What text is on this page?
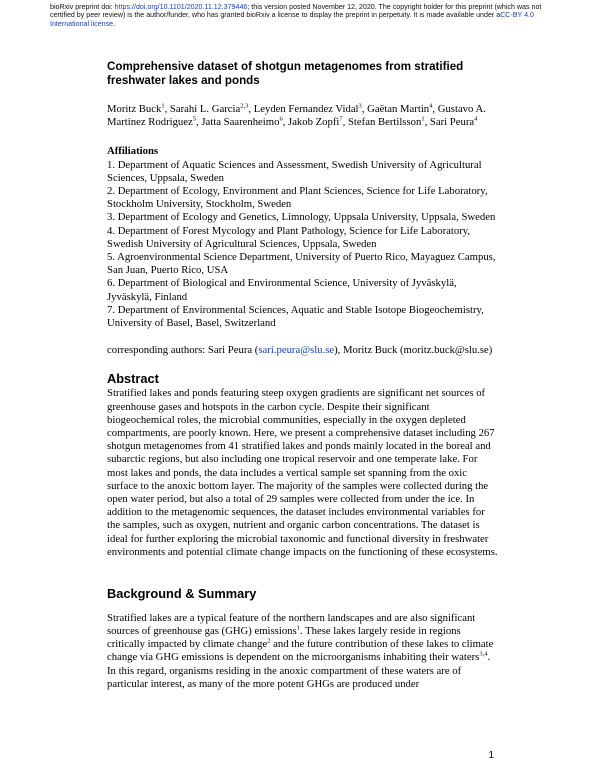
bioRxiv preprint doi: https://doi.org/10.1101/2020.11.12.379446; this version posted November 12, 2020. The copyright holder for this preprint (which was not certified by peer review) is the author/funder, who has granted bioRxiv a license to display the preprint in perpetuity. It is made available under aCC-BY 4.0 International license.
Comprehensive dataset of shotgun metagenomes from stratified freshwater lakes and ponds

Moritz Buck$^1$, Sarahi L. Garcia$^{2,3}$, Leyden Fernandez Vidal$^3$, Gaëtan Martin$^4$, Gustavo A. Martinez Rodriguez$^5$, Jatta Saarenheimo$^6$, Jakob Zopfi$^7$, Stefan Bertilsson$^1$, Sari Peura$^4$

Affiliations

1. Department of Aquatic Sciences and Assessment, Swedish University of Agricultural Sciences, Uppsala, Sweden
2. Department of Ecology, Environment and Plant Sciences, Science for Life Laboratory, Stockholm University, Stockholm, Sweden
3. Department of Ecology and Genetics, Limnology, Uppsala University, Uppsala, Sweden
4. Department of Forest Mycology and Plant Pathology, Science for Life Laboratory, Swedish University of Agricultural Sciences, Uppsala, Sweden
5. Agroenvironmental Science Department, University of Puerto Rico, Mayaguez Campus, San Juan, Puerto Rico, USA
6. Department of Biological and Environmental Science, University of Jyväskylä, Jyväskylä, Finland
7. Department of Environmental Sciences, Aquatic and Stable Isotope Biogeochemistry, University of Basel, Basel, Switzerland

corresponding authors: Sari Peura (sari.peura@slu.se), Moritz Buck (moritz.buck@slu.se)

Abstract

Stratified lakes and ponds featuring steep oxygen gradients are significant net sources of greenhouse gases and hotspots in the carbon cycle. Despite their significant biogeochemical roles, the microbial communities, especially in the oxygen depleted compartments, are poorly known. Here, we present a comprehensive dataset including 267 shotgun metagenomes from 41 stratified lakes and ponds mainly located in the boreal and subarctic regions, but also including one tropical reservoir and one temperate lake. For most lakes and ponds, the data includes a vertical sample set spanning from the oxic surface to the anoxic bottom layer. The majority of the samples were collected during the open water period, but also a total of 29 samples were collected from under the ice. In addition to the metagenomic sequences, the dataset includes environmental variables for the samples, such as oxygen, nutrient and organic carbon concentrations. The dataset is ideal for further exploring the microbial taxonomic and functional diversity in freshwater environments and potential climate change impacts on the functioning of these ecosystems.

Background & Summary

Stratified lakes are a typical feature of the northern landscapes and are also significant sources of greenhouse gas (GHG) emissions$^1$. These lakes largely reside in regions critically impacted by climate change$^2$ and the future contribution of these lakes to climate change via GHG emissions is dependent on the microorganisms inhabiting their waters$^{3,4}$. In this regard, organisms residing in the anoxic compartment of these waters are of particular interest, as many of the more potent GHGs are produced under

1
